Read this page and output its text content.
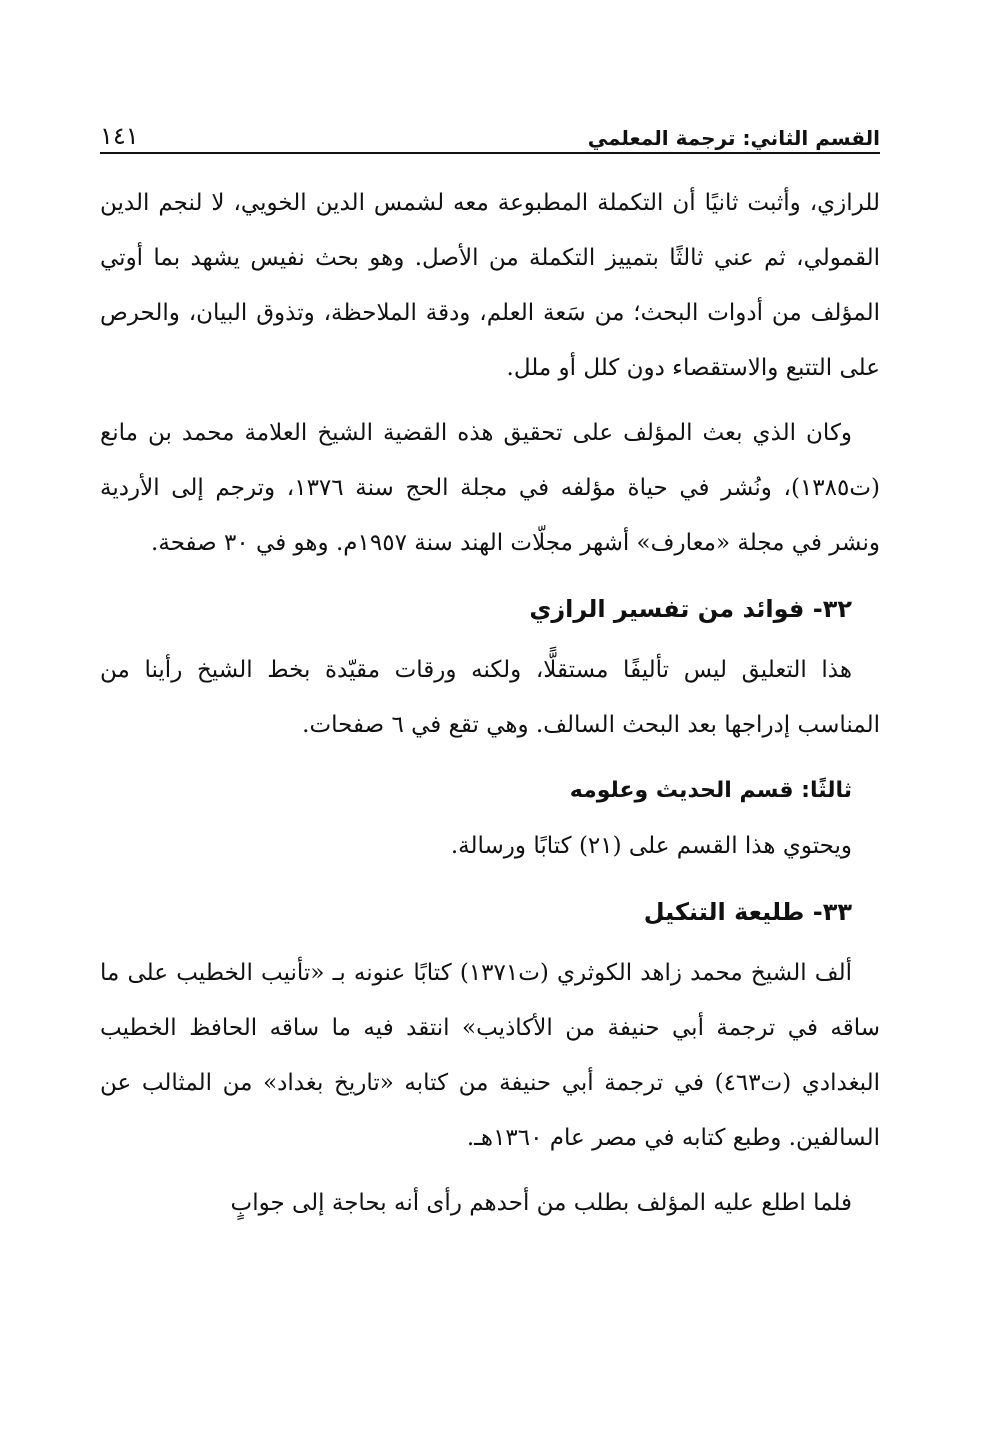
القسم الثاني: ترجمة المعلمي
١٤١

للرازي، وأثبت ثانيًا أن التكملة المطبوعة معه لشمس الدين الخويي، لا لنجم الدين القمولي، ثم عني ثالثًا بتمييز التكملة من الأصل. وهو بحث نفيس يشهد بما أوتي المؤلف من أدوات البحث؛ من سَعة العلم، ودقة الملاحظة، وتذوق البيان، والحرص على التتبع والاستقصاء دون كلل أو ملل.

وكان الذي بعث المؤلف على تحقيق هذه القضية الشيخ العلامة محمد بن مانع (ت١٣٨٥)، ونُشر في حياة مؤلفه في مجلة الحج سنة ١٣٧٦، وترجم إلى الأردية ونشر في مجلة «معارف» أشهر مجلّات الهند سنة ١٩٥٧م. وهو في ٣٠ صفحة.

٣٢- فوائد من تفسير الرازي

هذا التعليق ليس تأليفًا مستقلًّا، ولكنه ورقات مقيّدة بخط الشيخ رأينا من المناسب إدراجها بعد البحث السالف. وهي تقع في ٦ صفحات.

ثالثًا: قسم الحديث وعلومه

ويحتوي هذا القسم على (٢١) كتابًا ورسالة.

٣٣- طليعة التنكيل

ألف الشيخ محمد زاهد الكوثري (ت١٣٧١) كتابًا عنونه بـ «تأنيب الخطيب على ما ساقه في ترجمة أبي حنيفة من الأكاذيب» انتقد فيه ما ساقه الحافظ الخطيب البغدادي (ت٤٦٣) في ترجمة أبي حنيفة من كتابه «تاريخ بغداد» من المثالب عن السالفين. وطبع كتابه في مصر عام ١٣٦٠هـ.

فلما اطلع عليه المؤلف بطلب من أحدهم رأى أنه بحاجة إلى جوابٍ
